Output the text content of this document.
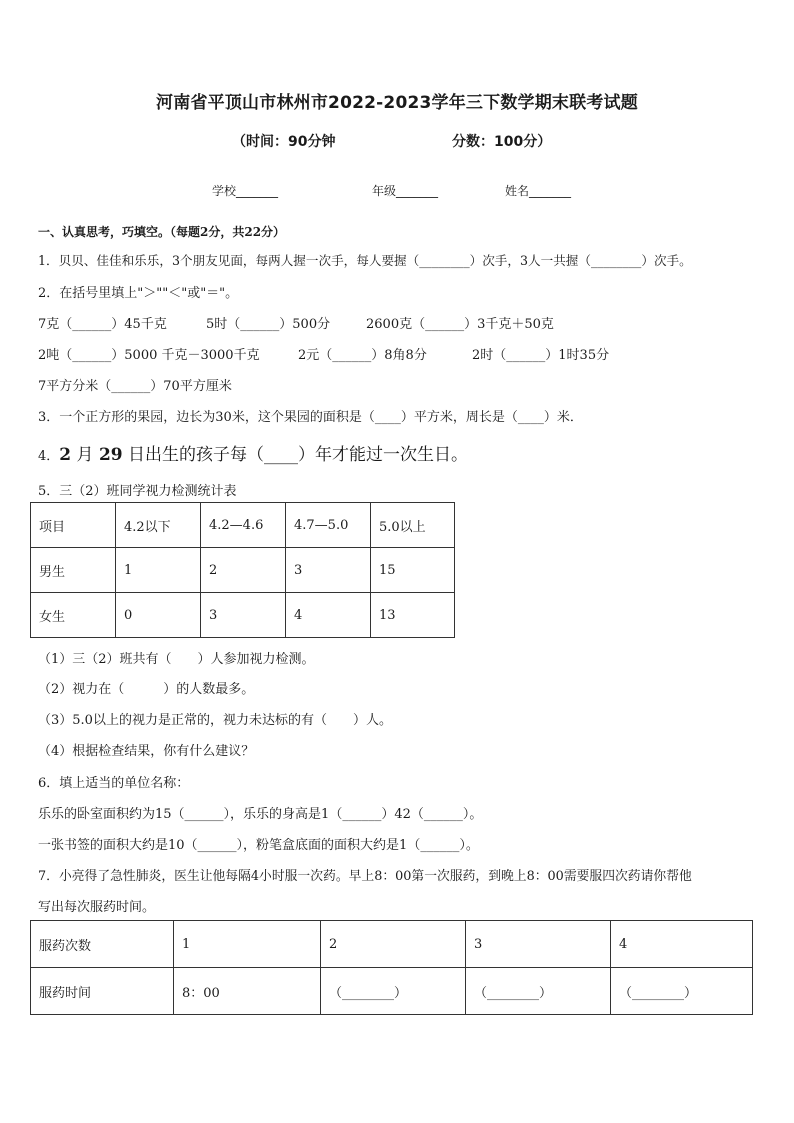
河南省平顶山市林州市2022-2023学年三下数学期末联考试题
（时间：90分钟	分数：100分）
学校_______	年级_______	姓名_______
一、认真思考，巧填空。（每题2分，共22分）
1．贝贝、佳佳和乐乐，3个朋友见面，每两人握一次手，每人要握（________）次手，3人一共握（________）次手。
2．在括号里填上"＞""＜"或"＝"。
7克（______）45千克	5时（______）500分	2600克（______）3千克＋50克
2吨（______）5000 千克－3000千克	2元（______）8角8分	2时（______）1时35分
7平方分米（______）70平方厘米
3．一个正方形的果园，边长为30米，这个果园的面积是（____）平方米，周长是（____）米．
4．2 月 29 日出生的孩子每（____）年才能过一次生日。
5．三（2）班同学视力检测统计表
项目	4.2以下	4.2—4.6	4.7—5.0	5.0以上
男生	1	2	3	15
女生	0	3	4	13
（1）三（2）班共有（　　）人参加视力检测。
（2）视力在（　　　）的人数最多。
（3）5.0以上的视力是正常的，视力未达标的有（　　）人。
（4）根据检查结果，你有什么建议？
6．填上适当的单位名称：
乐乐的卧室面积约为15（______），乐乐的身高是1（______）42（______）。
一张书签的面积大约是10（______），粉笔盒底面的面积大约是1（______）。
7．小亮得了急性肺炎，医生让他每隔4小时服一次药。早上8：00第一次服药，到晚上8：00需要服四次药请你帮他
写出每次服药时间。
服药次数	1	2	3	4
服药时间	8：00	（________）	（________）	（________）
